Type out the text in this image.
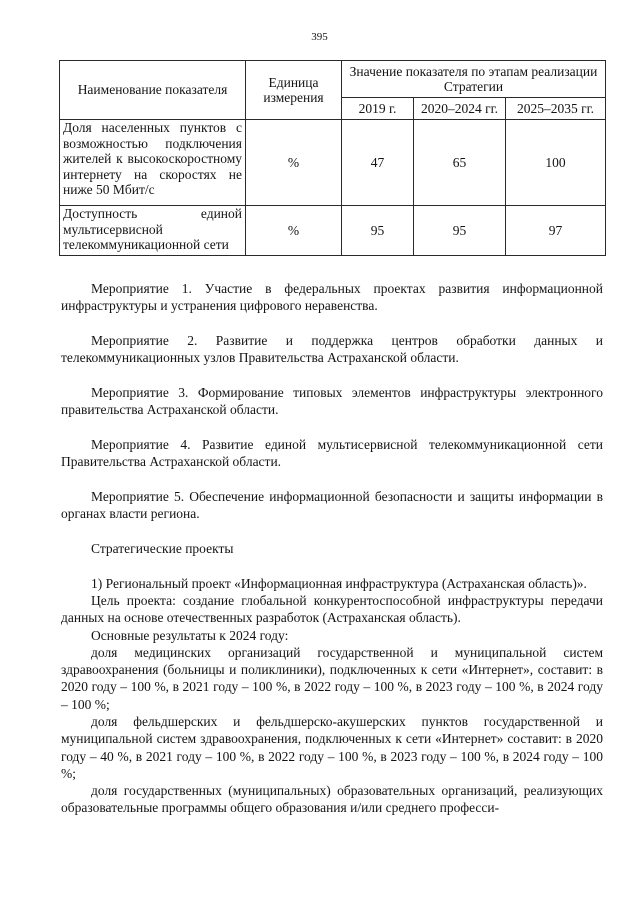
395
Наименование показателя	Единица измерения	Значение показателя по этапам реализации Стратегии		
		2019 г.	2020–2024 гг.	2025–2035 гг.
Доля населенных пунктов с возможностью подключения жителей к высокоскоростному интернету на скоростях не ниже 50 Мбит/с	%	47	65	100
Доступность единой мультисервисной телекоммуникационной сети	%	95	95	97

Мероприятие 1. Участие в федеральных проектах развития информационной инфраструктуры и устранения цифрового неравенства.

Мероприятие 2. Развитие и поддержка центров обработки данных и телекоммуникационных узлов Правительства Астраханской области.

Мероприятие 3. Формирование типовых элементов инфраструктуры электронного правительства Астраханской области.

Мероприятие 4. Развитие единой мультисервисной телекоммуникационной сети Правительства Астраханской области.

Мероприятие 5. Обеспечение информационной безопасности и защиты информации в органах власти региона.

Стратегические проекты

1) Региональный проект «Информационная инфраструктура (Астраханская область)».

Цель проекта: создание глобальной конкурентоспособной инфраструктуры передачи данных на основе отечественных разработок (Астраханская область).

Основные результаты к 2024 году:

доля медицинских организаций государственной и муниципальной систем здравоохранения (больницы и поликлиники), подключенных к сети «Интернет», составит: в 2020 году – 100 %, в 2021 году – 100 %, в 2022 году – 100 %, в 2023 году – 100 %, в 2024 году – 100 %;

доля фельдшерских и фельдшерско-акушерских пунктов государственной и муниципальной систем здравоохранения, подключенных к сети «Интернет» составит: в 2020 году – 40 %, в 2021 году – 100 %, в 2022 году – 100 %, в 2023 году – 100 %, в 2024 году – 100 %;

доля государственных (муниципальных) образовательных организаций, реализующих образовательные программы общего образования и/или среднего професси-
